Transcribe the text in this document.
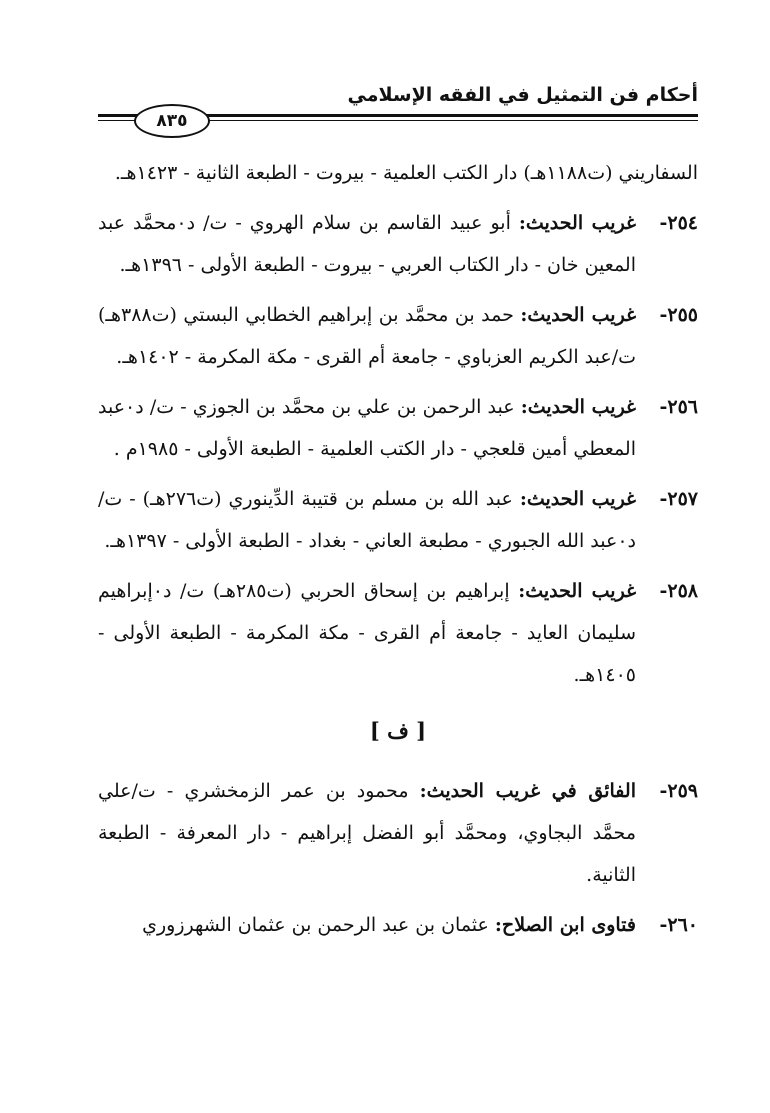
أحكام فن التمثيل في الفقه الإسلامي
٨٣٥

السفاريني (ت١١٨٨هـ) دار الكتب العلمية - بيروت - الطبعة الثانية - ١٤٢٣هـ.

٢٥٤-
غريب الحديث: أبو عبيد القاسم بن سلام الهروي - ت/ د٠محمَّد عبد المعين خان - دار الكتاب العربي - بيروت - الطبعة الأولى - ١٣٩٦هـ.
٢٥٥-
غريب الحديث: حمد بن محمَّد بن إبراهيم الخطابي البستي (ت٣٨٨هـ) ت/عبد الكريم العزباوي - جامعة أم القرى - مكة المكرمة - ١٤٠٢هـ.
٢٥٦-
غريب الحديث: عبد الرحمن بن علي بن محمَّد بن الجوزي - ت/ د٠عبد المعطي أمين قلعجي - دار الكتب العلمية - الطبعة الأولى - ١٩٨٥م .
٢٥٧-
غريب الحديث: عبد الله بن مسلم بن قتيبة الدِّينوري (ت٢٧٦هـ) - ت/ د٠عبد الله الجبوري - مطبعة العاني - بغداد - الطبعة الأولى - ١٣٩٧هـ.
٢٥٨-
غريب الحديث: إبراهيم بن إسحاق الحربي (ت٢٨٥هـ) ت/ د٠إبراهيم سليمان العايد - جامعة أم القرى - مكة المكرمة - الطبعة الأولى - ١٤٠٥هـ.
[ ف ]
٢٥٩-
الفائق في غريب الحديث: محمود بن عمر الزمخشري - ت/علي محمَّد البجاوي، ومحمَّد أبو الفضل إبراهيم - دار المعرفة - الطبعة الثانية.
٢٦٠-
فتاوى ابن الصلاح: عثمان بن عبد الرحمن بن عثمان الشهرزوري
